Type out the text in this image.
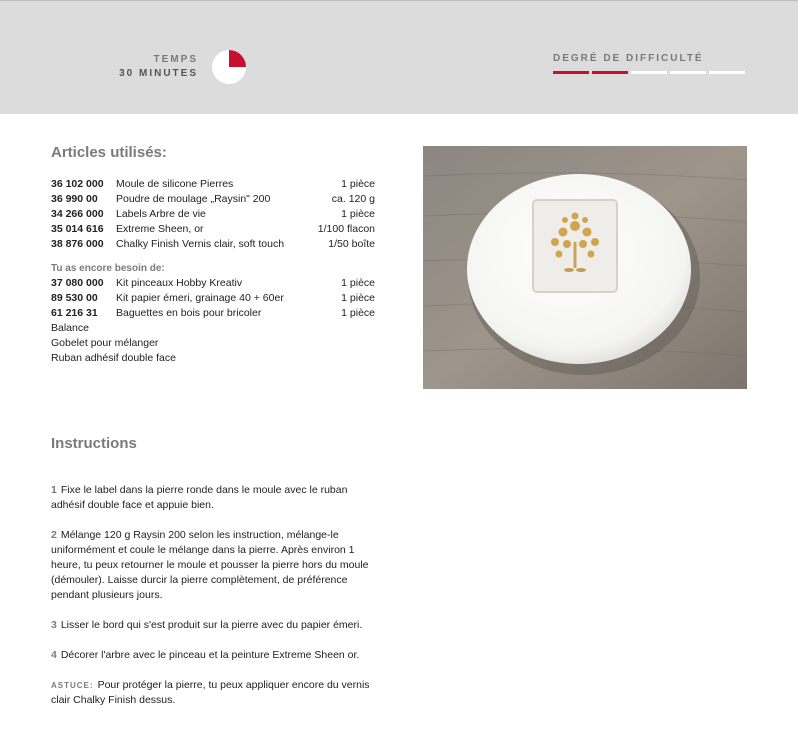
TEMPS
30 MINUTES
DEGRÉ DE DIFFICULTÉ
Articles utilisés:
36 102 000	Moule de silicone Pierres	1 pièce
36 990 00	Poudre de moulage „Raysin" 200	ca. 120 g
34 266 000	Labels Arbre de vie	1 pièce
35 014 616	Extreme Sheen, or	1/100 flacon
38 876 000	Chalky Finish Vernis clair, soft touch	1/50 boîte
Tu as encore besoin de:
37 080 000	Kit pinceaux Hobby Kreativ	1 pièce
89 530 00	Kit papier émeri, grainage 40 + 60er	1 pièce
61 216 31	Baguettes en bois pour bricoler	1 pièce
Balance
Gobelet pour mélanger
Ruban adhésif double face
Instructions
1 Fixe le label dans la pierre ronde dans le moule avec le ruban adhésif double face et appuie bien.
2 Mélange 120 g Raysin 200 selon les instruction, mélange-le uniformément et coule le mélange dans la pierre. Après environ 1 heure, tu peux retourner le moule et pousser la pierre hors du moule (démouler). Laisse durcir la pierre complètement, de préférence pendant plusieurs jours.
3 Lisser le bord qui s'est produit sur la pierre avec du papier émeri.
4 Décorer l'arbre avec le pinceau et la peinture Extreme Sheen or.
ASTUCE: Pour protéger la pierre, tu peux appliquer encore du vernis clair Chalky Finish dessus.
